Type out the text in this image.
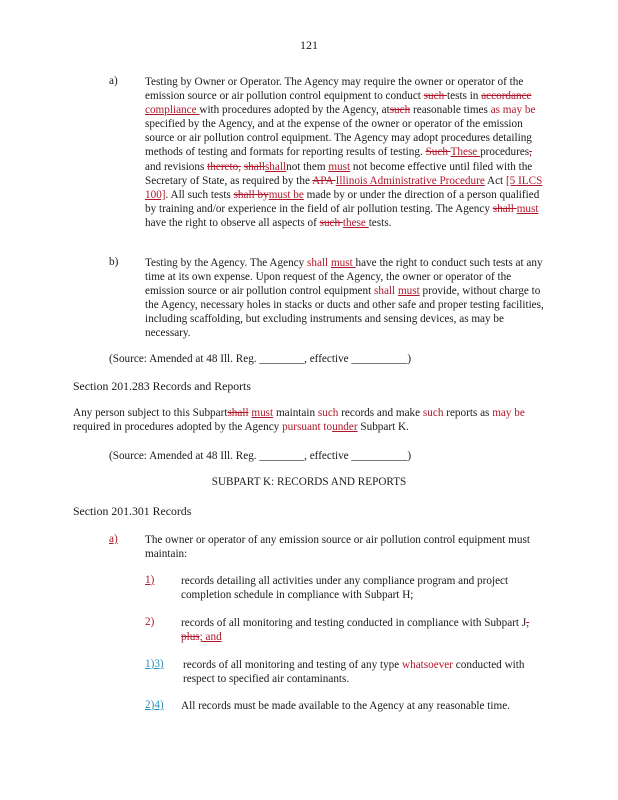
121
a) Testing by Owner or Operator. The Agency may require the owner or operator of the emission source or air pollution control equipment to conduct such tests in accordance compliance with procedures adopted by the Agency, atsuch reasonable times as may be specified by the Agency, and at the expense of the owner or operator of the emission source or air pollution control equipment. The Agency may adopt procedures detailing methods of testing and formats for reporting results of testing. Such These procedures, and revisions thereto, shallshallnot them must not become effective until filed with the Secretary of State, as required by the APA Illinois Administrative Procedure Act [5 ILCS 100]. All such tests shall bymust be made by or under the direction of a person qualified by training and/or experience in the field of air pollution testing. The Agency shall must have the right to observe all aspects of such these tests.
b) Testing by the Agency. The Agency shall must have the right to conduct such tests at any time at its own expense. Upon request of the Agency, the owner or operator of the emission source or air pollution control equipment shall must provide, without charge to the Agency, necessary holes in stacks or ducts and other safe and proper testing facilities, including scaffolding, but excluding instruments and sensing devices, as may be necessary.
(Source: Amended at 48 Ill. Reg. ________, effective __________)
Section 201.283 Records and Reports
Any person subject to this Subpartshall must maintain such records and make such reports as may be required in procedures adopted by the Agency pursuant tounder Subpart K.
(Source: Amended at 48 Ill. Reg. ________, effective __________)
SUBPART K: RECORDS AND REPORTS
Section 201.301 Records
a)	The owner or operator of any emission source or air pollution control equipment must maintain:
1)	records detailing all activities under any compliance program and project completion schedule in compliance with Subpart H;
2) records of all monitoring and testing conducted in compliance with Subpart J, plus; and
1)3)	records of all monitoring and testing of any type whatsoever conducted with respect to specified air contaminants.
2)4)	All records must be made available to the Agency at any reasonable time.
